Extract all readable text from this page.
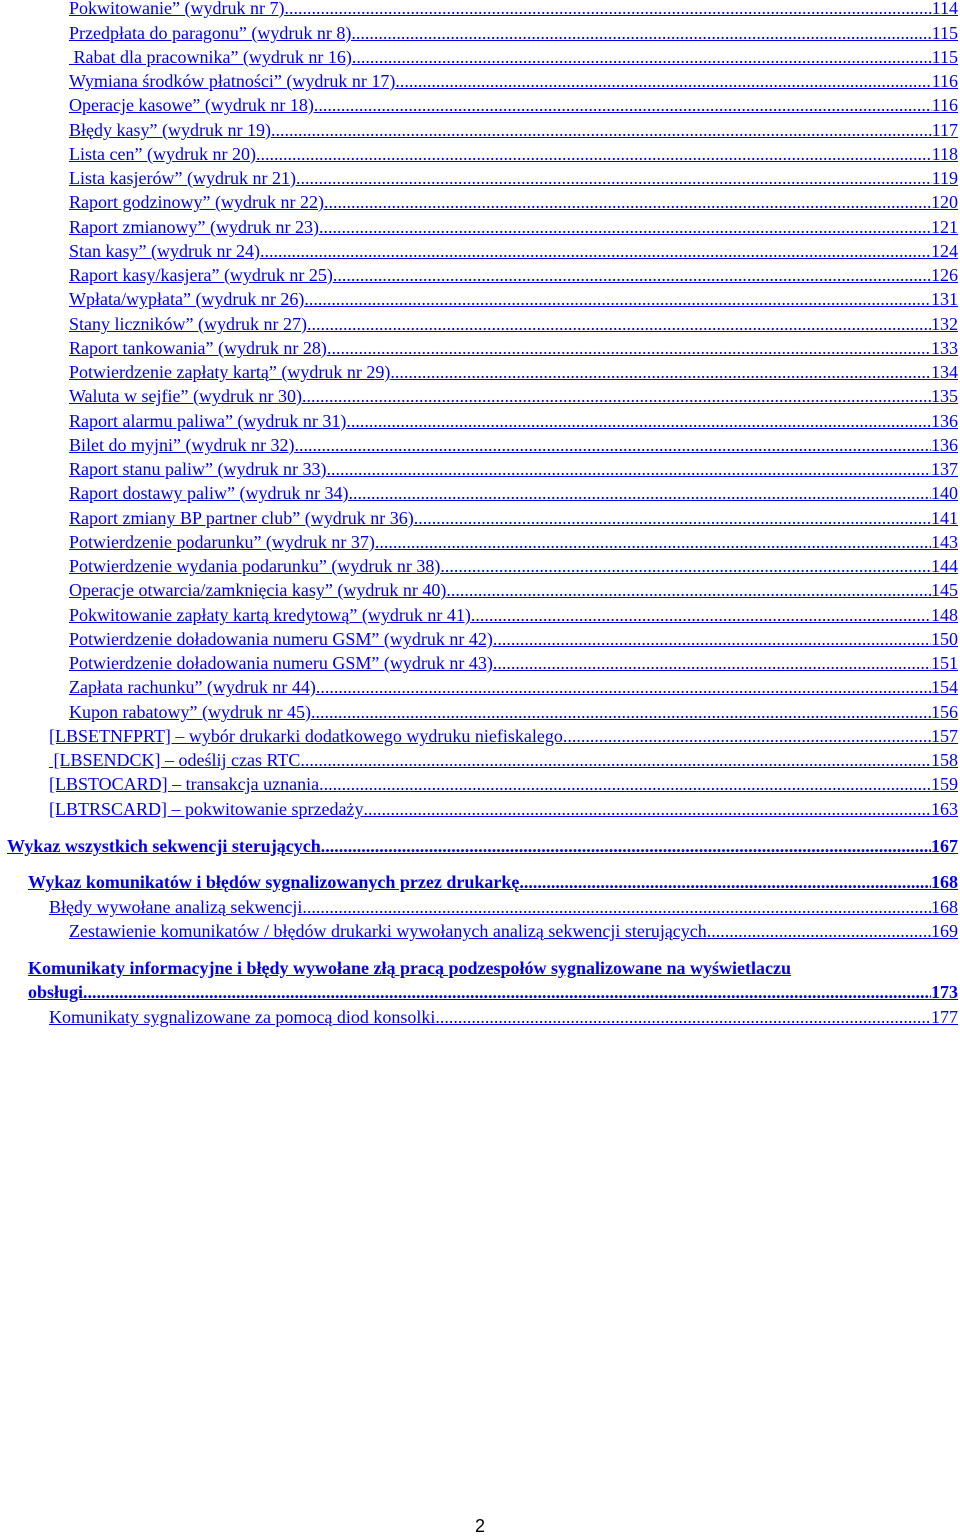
Pokwitowanie” (wydruk nr 7) .....	114
Przedpłata do paragonu” (wydruk nr 8) .....	115
Rabat dla pracownika” (wydruk nr 16) .....	115
Wymiana środków płatności” (wydruk nr 17) .....	116
Operacje kasowe” (wydruk nr 18) .....	116
Błędy kasy” (wydruk nr 19) .....	117
Lista cen” (wydruk nr 20) .....	118
Lista kasjerów” (wydruk nr 21) .....	119
Raport godzinowy” (wydruk nr 22) .....	120
Raport zmianowy” (wydruk nr 23) .....	121
Stan kasy” (wydruk nr 24) .....	124
Raport kasy/kasjera” (wydruk nr 25) .....	126
Wpłata/wypłata” (wydruk nr 26) .....	131
Stany liczników” (wydruk nr 27) .....	132
Raport tankowania” (wydruk nr 28) .....	133
Potwierdzenie zapłaty kartą” (wydruk nr 29) .....	134
Waluta w sejfie” (wydruk nr 30) .....	135
Raport alarmu paliwa” (wydruk nr 31) .....	136
Bilet do myjni” (wydruk nr 32) .....	136
Raport stanu paliw” (wydruk nr 33) .....	137
Raport dostawy paliw” (wydruk nr 34) .....	140
Raport zmiany BP partner club” (wydruk nr 36) .....	141
Potwierdzenie podarunku” (wydruk nr 37) .....	143
Potwierdzenie wydania podarunku” (wydruk nr 38) .....	144
Operacje otwarcia/zamknięcia kasy” (wydruk nr 40) .....	145
Pokwitowanie zapłaty kartą kredytową” (wydruk nr 41) .....	148
Potwierdzenie doładowania numeru GSM” (wydruk nr 42) .....	150
Potwierdzenie doładowania numeru GSM” (wydruk nr 43) .....	151
Zapłata rachunku” (wydruk nr 44) .....	154
Kupon rabatowy” (wydruk nr 45) .....	156
[LBSETNFPRT] – wybór drukarki dodatkowego wydruku niefiskalego .....	157
[LBSENDCK] – odeślij czas RTC .....	158
[LBSTOCARD] – transakcja uznania .....	159
[LBTRSCARD] – pokwitowanie sprzedaży .....	163
Wykaz wszystkich sekwencji sterujących .....	167
Wykaz komunikatów i błędów sygnalizowanych przez drukarkę .....	168
Błędy wywołane analizą sekwencji .....	168
Zestawienie komunikatów / błędów drukarki wywołanych analizą sekwencji sterujących .....	169
Komunikaty informacyjne i błędy wywołane złą pracą podzespołów sygnalizowane na wyświetlaczu
obsługi .....	173
Komunikaty sygnalizowane za pomocą diod konsolki .....	177
2
